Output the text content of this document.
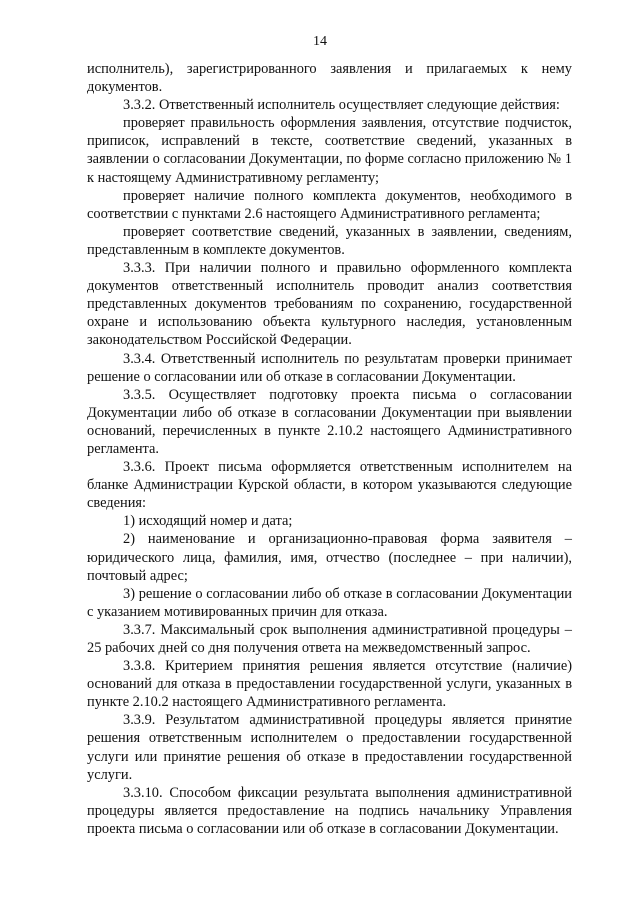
14

исполнитель), зарегистрированного заявления и прилагаемых к нему документов.

3.3.2. Ответственный исполнитель осуществляет следующие действия:

проверяет правильность оформления заявления, отсутствие подчисток, приписок, исправлений в тексте, соответствие сведений, указанных в заявлении о согласовании Документации, по форме согласно приложению № 1 к настоящему Административному регламенту;

проверяет наличие полного комплекта документов, необходимого в соответствии с пунктами 2.6 настоящего Административного регламента;

проверяет соответствие сведений, указанных в заявлении, сведениям, представленным в комплекте документов.

3.3.3. При наличии полного и правильно оформленного комплекта документов ответственный исполнитель проводит анализ соответствия представленных документов требованиям по сохранению, государственной охране и использованию объекта культурного наследия, установленным законодательством Российской Федерации.

3.3.4. Ответственный исполнитель по результатам проверки принимает решение о согласовании или об отказе в согласовании Документации.

3.3.5. Осуществляет подготовку проекта письма о согласовании Документации либо об отказе в согласовании Документации при выявлении оснований, перечисленных в пункте 2.10.2 настоящего Административного регламента.

3.3.6. Проект письма оформляется ответственным исполнителем на бланке Администрации Курской области, в котором указываются следующие сведения:

1) исходящий номер и дата;

2) наименование и организационно-правовая форма заявителя – юридического лица, фамилия, имя, отчество (последнее – при наличии), почтовый адрес;

3) решение о согласовании либо об отказе в согласовании Документации с указанием мотивированных причин для отказа.

3.3.7. Максимальный срок выполнения административной процедуры – 25 рабочих дней со дня получения ответа на межведомственный запрос.

3.3.8. Критерием принятия решения является отсутствие (наличие) оснований для отказа в предоставлении государственной услуги, указанных в пункте 2.10.2 настоящего Административного регламента.

3.3.9. Результатом административной процедуры является принятие решения ответственным исполнителем о предоставлении государственной услуги или принятие решения об отказе в предоставлении государственной услуги.

3.3.10. Способом фиксации результата выполнения административной процедуры является предоставление на подпись начальнику Управления проекта письма о согласовании или об отказе в согласовании Документации.
